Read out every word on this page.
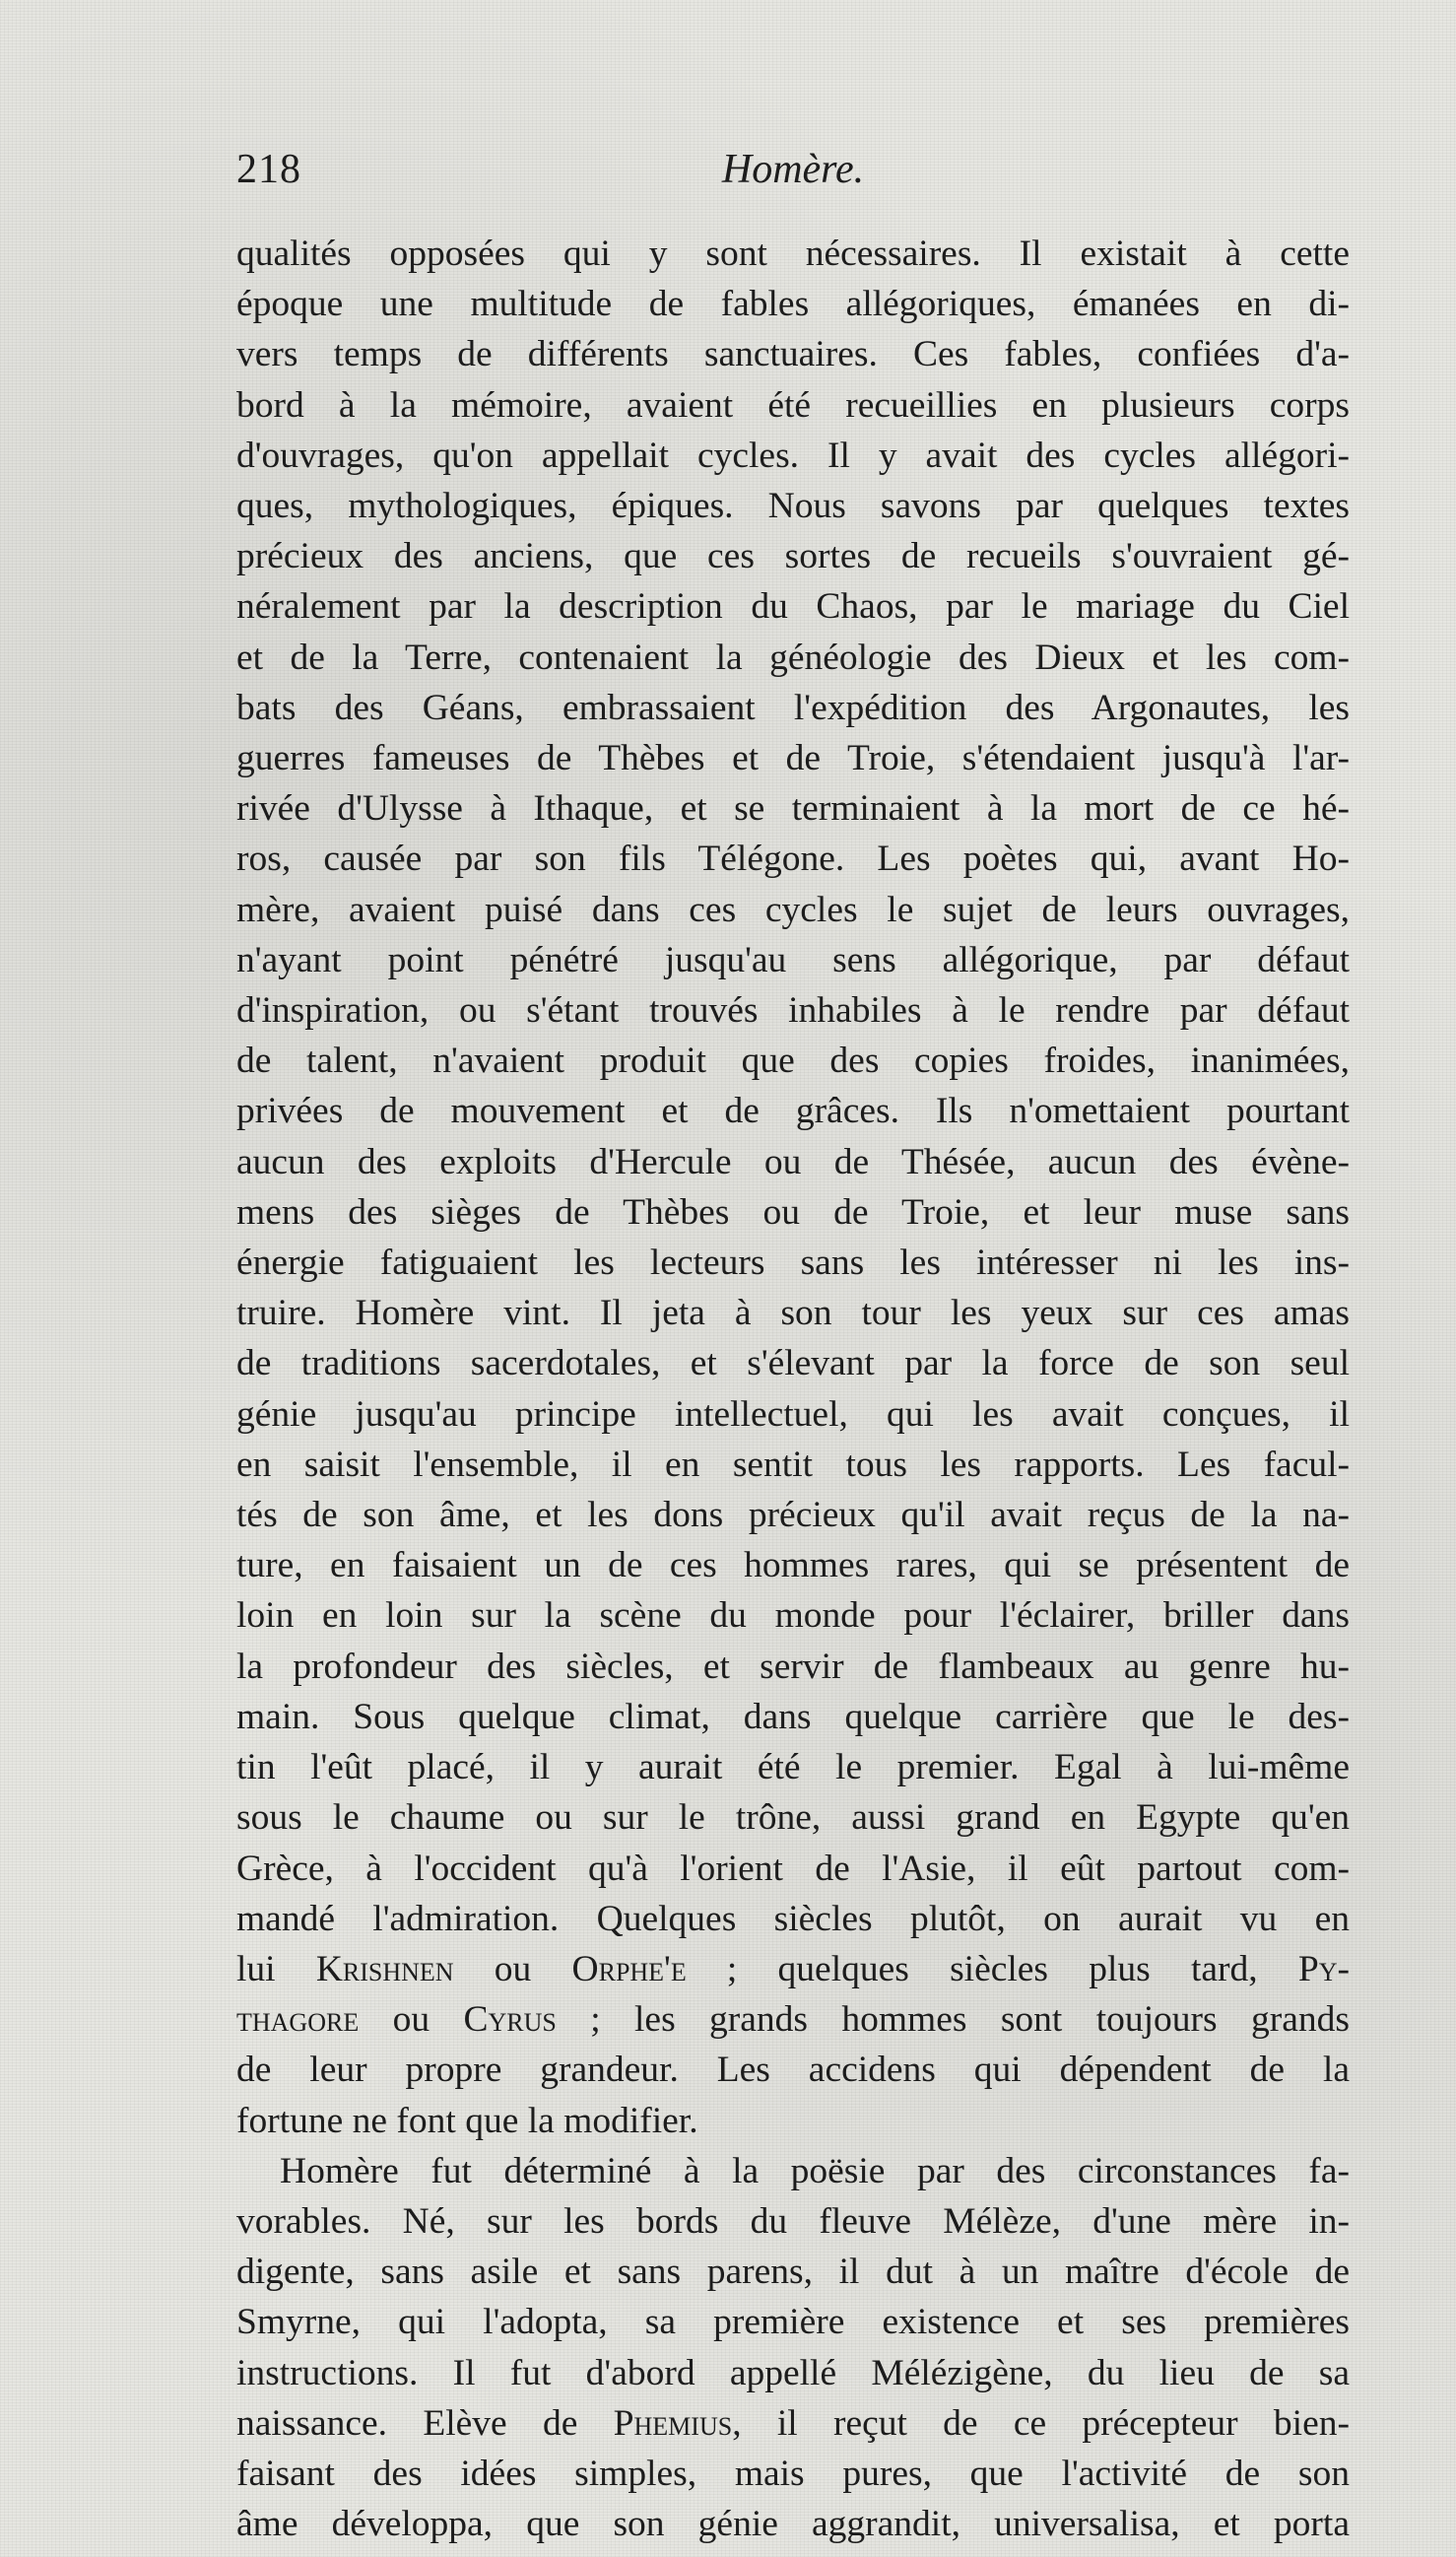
218	Homère.
qualités opposées qui y sont nécessaires. Il existait à cette
époque une multitude de fables allégoriques, émanées en di-
vers temps de différents sanctuaires. Ces fables, confiées d'a-
bord à la mémoire, avaient été recueillies en plusieurs corps
d'ouvrages, qu'on appellait cycles. Il y avait des cycles allégori-
ques, mythologiques, épiques. Nous savons par quelques textes
précieux des anciens, que ces sortes de recueils s'ouvraient gé-
néralement par la description du Chaos, par le mariage du Ciel
et de la Terre, contenaient la généologie des Dieux et les com-
bats des Géans, embrassaient l'expédition des Argonautes, les
guerres fameuses de Thèbes et de Troie, s'étendaient jusqu'à l'ar-
rivée d'Ulysse à Ithaque, et se terminaient à la mort de ce hé-
ros, causée par son fils Télégone. Les poètes qui, avant Ho-
mère, avaient puisé dans ces cycles le sujet de leurs ouvrages,
n'ayant point pénétré jusqu'au sens allégorique, par défaut
d'inspiration, ou s'étant trouvés inhabiles à le rendre par défaut
de talent, n'avaient produit que des copies froides, inanimées,
privées de mouvement et de grâces. Ils n'omettaient pourtant
aucun des exploits d'Hercule ou de Thésée, aucun des évène-
mens des sièges de Thèbes ou de Troie, et leur muse sans
énergie fatiguaient les lecteurs sans les intéresser ni les ins-
truire. Homère vint. Il jeta à son tour les yeux sur ces amas
de traditions sacerdotales, et s'élevant par la force de son seul
génie jusqu'au principe intellectuel, qui les avait conçues, il
en saisit l'ensemble, il en sentit tous les rapports. Les facul-
tés de son âme, et les dons précieux qu'il avait reçus de la na-
ture, en faisaient un de ces hommes rares, qui se présentent de
loin en loin sur la scène du monde pour l'éclairer, briller dans
la profondeur des siècles, et servir de flambeaux au genre hu-
main. Sous quelque climat, dans quelque carrière que le des-
tin l'eût placé, il y aurait été le premier. Egal à lui-même
sous le chaume ou sur le trône, aussi grand en Egypte qu'en
Grèce, à l'occident qu'à l'orient de l'Asie, il eût partout com-
mandé l'admiration. Quelques siècles plutôt, on aurait vu en
lui Krishnen ou Orphe'e ; quelques siècles plus tard, Py-
thagore ou Cyrus ; les grands hommes sont toujours grands
de leur propre grandeur. Les accidens qui dépendent de la
fortune ne font que la modifier.
Homère fut déterminé à la poësie par des circonstances fa-
vorables. Né, sur les bords du fleuve Mélèze, d'une mère in-
digente, sans asile et sans parens, il dut à un maître d'école de
Smyrne, qui l'adopta, sa première existence et ses premières
instructions. Il fut d'abord appellé Mélézigène, du lieu de sa
naissance. Elève de Phemius, il reçut de ce précepteur bien-
faisant des idées simples, mais pures, que l'activité de son
âme développa, que son génie aggrandit, universalisa, et porta
